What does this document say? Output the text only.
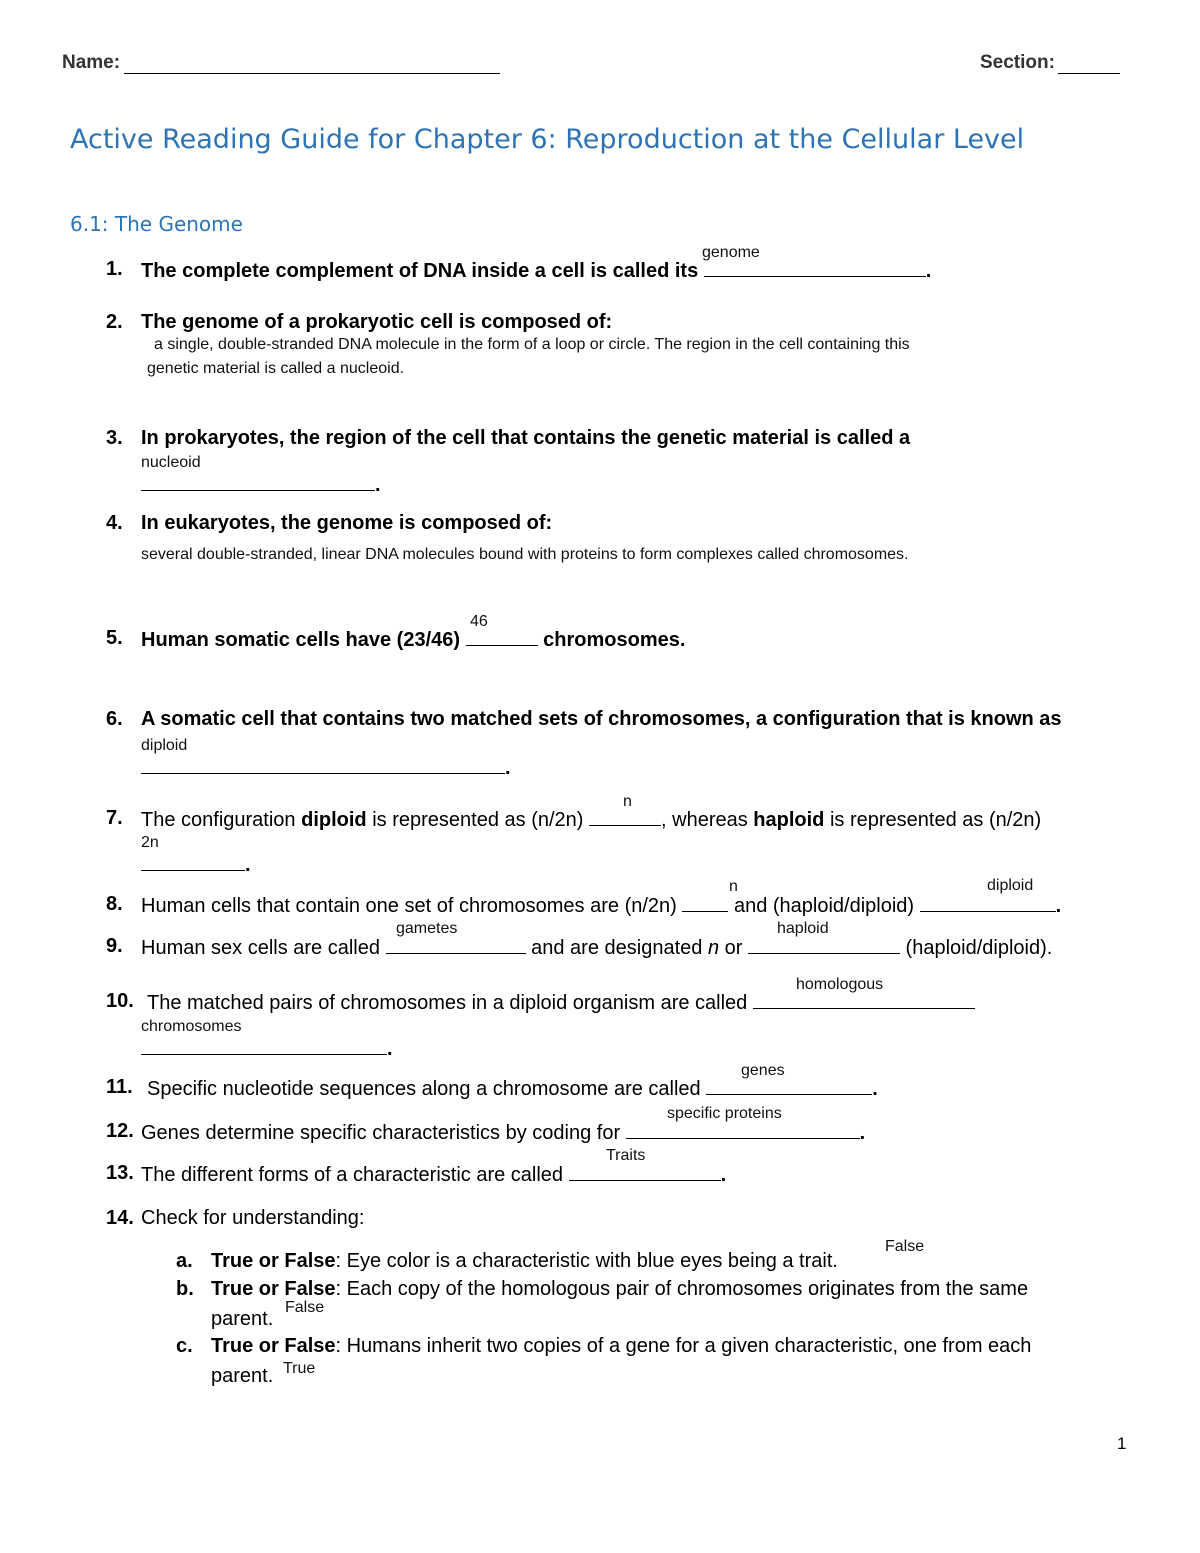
Name:	Section:
Active Reading Guide for Chapter 6: Reproduction at the Cellular Level
6.1: The Genome
1. The complete complement of DNA inside a cell is called its	.
genome
2. The genome of a prokaryotic cell is composed of:
a single, double-stranded DNA molecule in the form of a loop or circle. The region in the cell containing this
genetic material is called a nucleoid.
3. In prokaryotes, the region of the cell that contains the genetic material is called a
nucleoid
.
4. In eukaryotes, the genome is composed of:
several double-stranded, linear DNA molecules bound with proteins to form complexes called chromosomes.
5. Human somatic cells have (23/46)	chromosomes.
46
6. A somatic cell that contains two matched sets of chromosomes, a configuration that is known as
diploid
.
7. The configuration diploid is represented as (n/2n)	, whereas haploid is represented as (n/2n)
n
2n
.
8. Human cells that contain one set of chromosomes are (n/2n)	and (haploid/diploid)	.
n	diploid
9. Human sex cells are called	and are designated n or	(haploid/diploid).
gametes	haploid
10. The matched pairs of chromosomes in a diploid organism are called
homologous
chromosomes
.
11. Specific nucleotide sequences along a chromosome are called	.
genes
12. Genes determine specific characteristics by coding for	.
specific proteins
13. The different forms of a characteristic are called	.
Traits
14. Check for understanding:
a. True or False: Eye color is a characteristic with blue eyes being a trait.
False
b. True or False: Each copy of the homologous pair of chromosomes originates from the same
parent.
False
c. True or False: Humans inherit two copies of a gene for a given characteristic, one from each
parent. True
1
